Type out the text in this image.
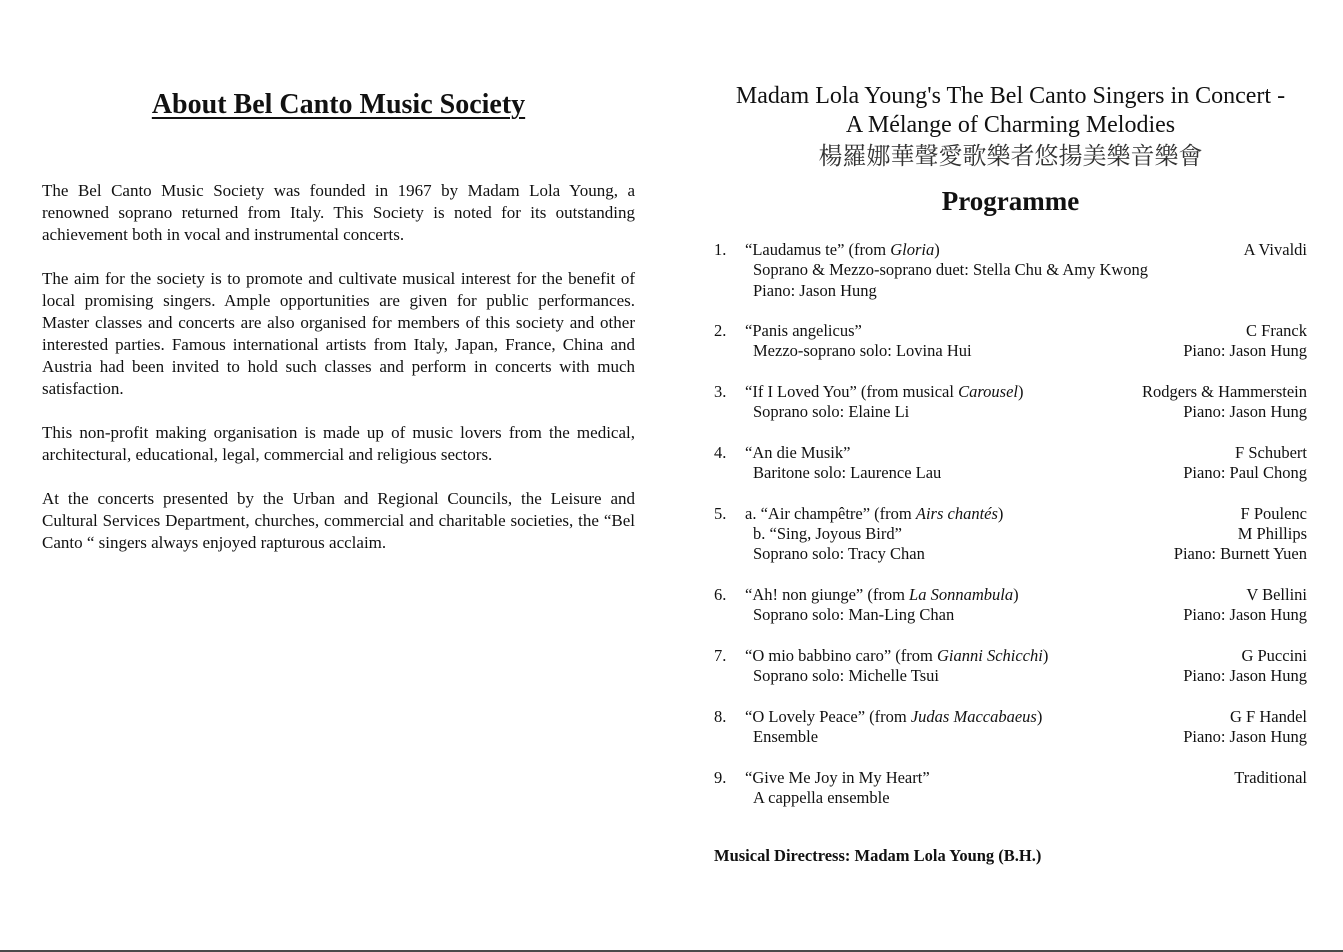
About Bel Canto Music Society

The Bel Canto Music Society was founded in 1967 by Madam Lola Young, a renowned soprano returned from Italy. This Society is noted for its outstanding achievement both in vocal and instrumental concerts.

The aim for the society is to promote and cultivate musical interest for the benefit of local promising singers. Ample opportunities are given for public performances. Master classes and concerts are also organised for members of this society and other interested parties. Famous international artists from Italy, Japan, France, China and Austria had been invited to hold such classes and perform in concerts with much satisfaction.

This non-profit making organisation is made up of music lovers from the medical, architectural, educational, legal, commercial and religious sectors.

At the concerts presented by the Urban and Regional Councils, the Leisure and Cultural Services Department, churches, commercial and charitable societies, the “Bel Canto “ singers always enjoyed rapturous acclaim.

Madam Lola Young's The Bel Canto Singers in Concert -
A Mélange of Charming Melodies
楊羅娜華聲愛歌樂者悠揚美樂音樂會
Programme
1.	“Laudamus te” (from Gloria)	A Vivaldi
Soprano & Mezzo-soprano duet: Stella Chu & Amy Kwong
Piano: Jason Hung
2.	“Panis angelicus”	C Franck
Mezzo-soprano solo: Lovina Hui	Piano: Jason Hung
3.	“If I Loved You” (from musical Carousel)	Rodgers & Hammerstein
Soprano solo: Elaine Li	Piano: Jason Hung
4.	“An die Musik”	F Schubert
Baritone solo: Laurence Lau	Piano: Paul Chong
5.	a. “Air champêtre” (from Airs chantés)	F Poulenc
b. “Sing, Joyous Bird”	M Phillips
Soprano solo: Tracy Chan	Piano: Burnett Yuen
6.	“Ah! non giunge” (from La Sonnambula)	V Bellini
Soprano solo: Man-Ling Chan	Piano: Jason Hung
7.	“O mio babbino caro” (from Gianni Schicchi)	G Puccini
Soprano solo: Michelle Tsui	Piano: Jason Hung
8.	“O Lovely Peace” (from Judas Maccabaeus)	G F Handel
Ensemble	Piano: Jason Hung
9.	“Give Me Joy in My Heart”	Traditional
A cappella ensemble
Musical Directress: Madam Lola Young (B.H.)
